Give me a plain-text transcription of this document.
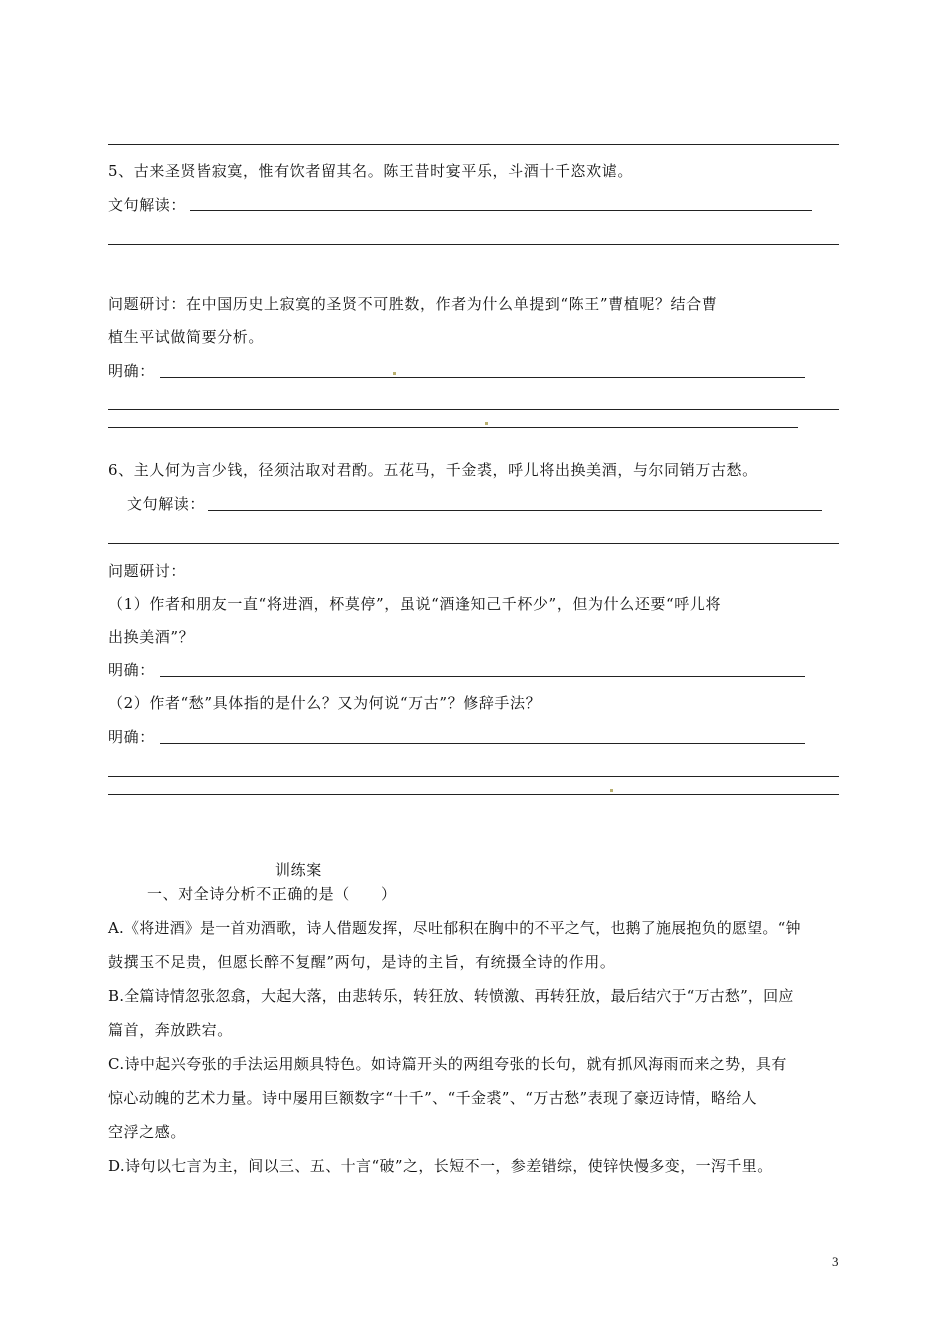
5、古来圣贤皆寂寞，惟有饮者留其名。陈王昔时宴平乐，斗酒十千恣欢谑。
文句解读：
问题研讨：在中国历史上寂寞的圣贤不可胜数，作者为什么单提到“陈王”曹植呢？结合曹
植生平试做简要分析。
明确：
6、主人何为言少钱，径须沽取对君酌。五花马，千金裘，呼儿将出换美酒，与尔同销万古愁。
文句解读：
问题研讨：
（1）作者和朋友一直“将进酒，杯莫停”，虽说“酒逢知己千杯少”，但为什么还要“呼儿将
出换美酒”？
明确：
（2）作者“愁”具体指的是什么？又为何说“万古”？修辞手法？
明确：
训练案
一、对全诗分析不正确的是（　　）
A.《将进酒》是一首劝酒歌，诗人借题发挥，尽吐郁积在胸中的不平之气，也鹅了施展抱负的愿望。“钟
鼓撰玉不足贵，但愿长醉不复醒”两句，是诗的主旨，有统摄全诗的作用。
B.全篇诗情忽张忽翕，大起大落，由悲转乐，转狂放、转愤激、再转狂放，最后结穴于“万古愁”，回应
篇首，奔放跌宕。
C.诗中起兴夸张的手法运用颇具特色。如诗篇开头的两组夸张的长句，就有抓风海雨而来之势，具有
惊心动魄的艺术力量。诗中屡用巨额数字“十千”、“千金裘”、“万古愁”表现了豪迈诗情，略给人
空浮之感。
D.诗句以七言为主，间以三、五、十言“破”之，长短不一，参差错综，使锌快慢多变，一泻千里。
3
